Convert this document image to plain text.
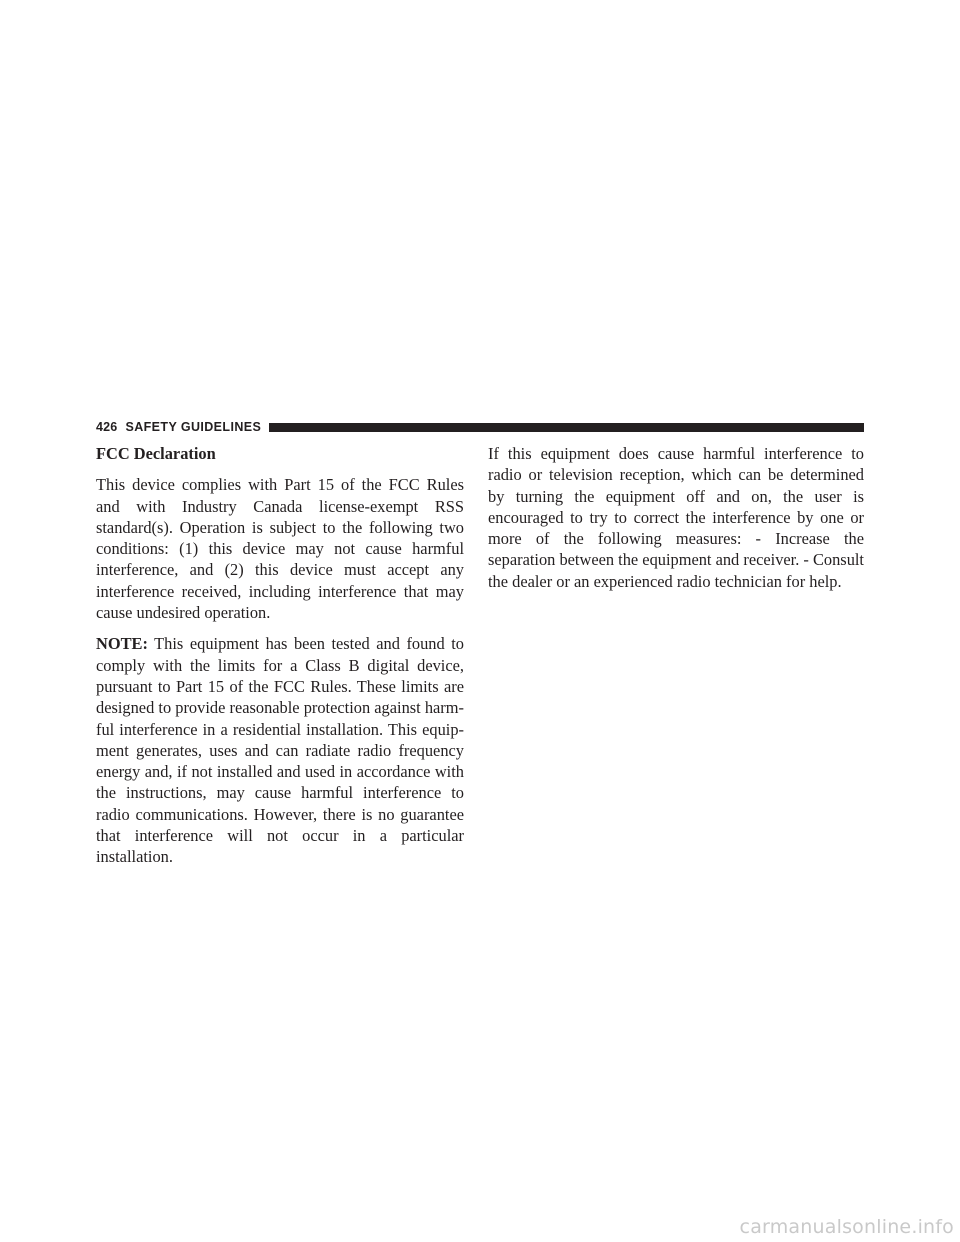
426 SAFETY GUIDELINES

FCC Declaration

This device complies with Part 15 of the FCC Rules and with Industry Canada license-exempt RSS standard(s). Operation is subject to the following two conditions: (1) this device may not cause harmful interference, and (2) this device must accept any interference received, including interference that may cause undesired operation.

NOTE: This equipment has been tested and found to comply with the limits for a Class B digital device, pursuant to Part 15 of the FCC Rules. These limits are designed to provide reasonable protection against harmful interference in a residential installation. This equipment generates, uses and can radiate radio frequency energy and, if not installed and used in accordance with the instructions, may cause harmful interference to radio communications. However, there is no guarantee that interference will not occur in a particular installation.

If this equipment does cause harmful interference to radio or television reception, which can be determined by turning the equipment off and on, the user is encouraged to try to correct the interference by one or more of the following measures: - Increase the separation between the equipment and receiver. - Consult the dealer or an experienced radio technician for help.

carmanualsonline.info
